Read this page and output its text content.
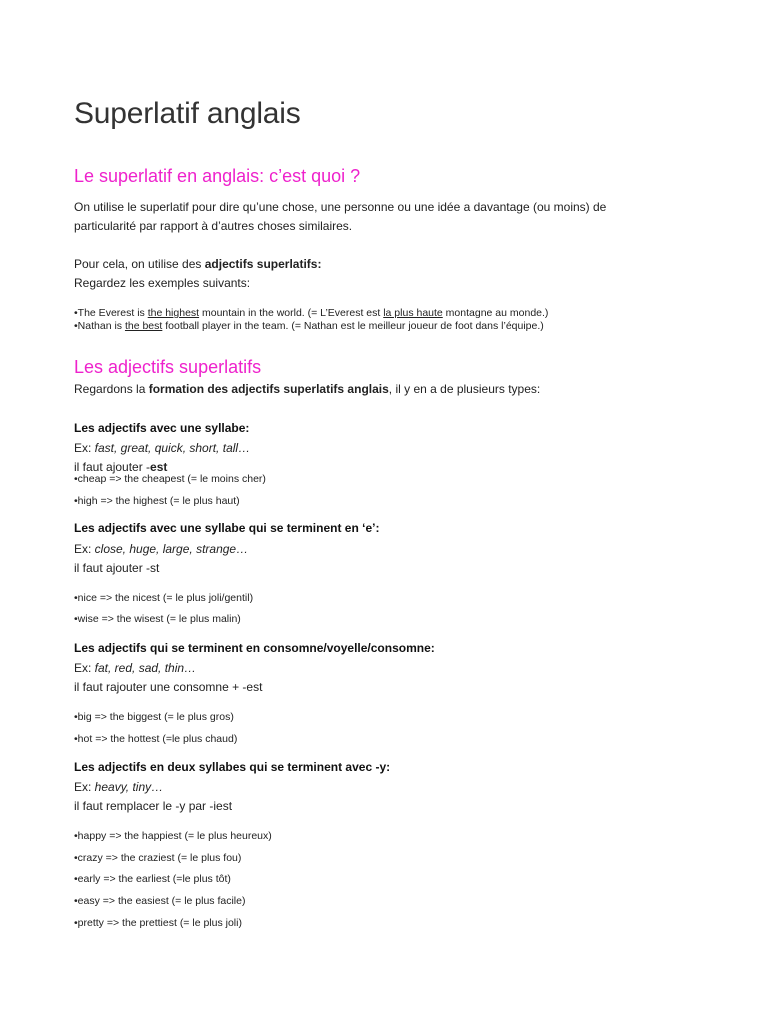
Superlatif anglais
Le superlatif en anglais: c’est quoi ?
On utilise le superlatif pour dire qu’une chose, une personne ou une idée a davantage (ou moins) de
particularité par rapport à d’autres choses similaires.
Pour cela, on utilise des adjectifs superlatifs:
Regardez les exemples suivants:
•The Everest is the highest mountain in the world. (= L’Everest est la plus haute montagne au monde.)
•Nathan is the best football player in the team. (= Nathan est le meilleur joueur de foot dans l’équipe.)
Les adjectifs superlatifs
Regardons la formation des adjectifs superlatifs anglais, il y en a de plusieurs types:
Les adjectifs avec une syllabe:
Ex: fast, great, quick, short, tall…
il faut ajouter -est
•cheap => the cheapest (= le moins cher)
•high => the highest (= le plus haut)
Les adjectifs avec une syllabe qui se terminent en ‘e’:
Ex: close, huge, large, strange…
il faut ajouter -st
•nice => the nicest (= le plus joli/gentil)
•wise => the wisest (= le plus malin)
Les adjectifs qui se terminent en consomne/voyelle/consomne:
Ex: fat, red, sad, thin…
il faut rajouter une consomne + -est
•big => the biggest (= le plus gros)
•hot => the hottest (=le plus chaud)
Les adjectifs en deux syllabes qui se terminent avec -y:
Ex: heavy, tiny…
il faut remplacer le -y par -iest
•happy => the happiest (= le plus heureux)
•crazy => the craziest (= le plus fou)
•early => the earliest (=le plus tôt)
•easy => the easiest (= le plus facile)
•pretty => the prettiest (= le plus joli)
